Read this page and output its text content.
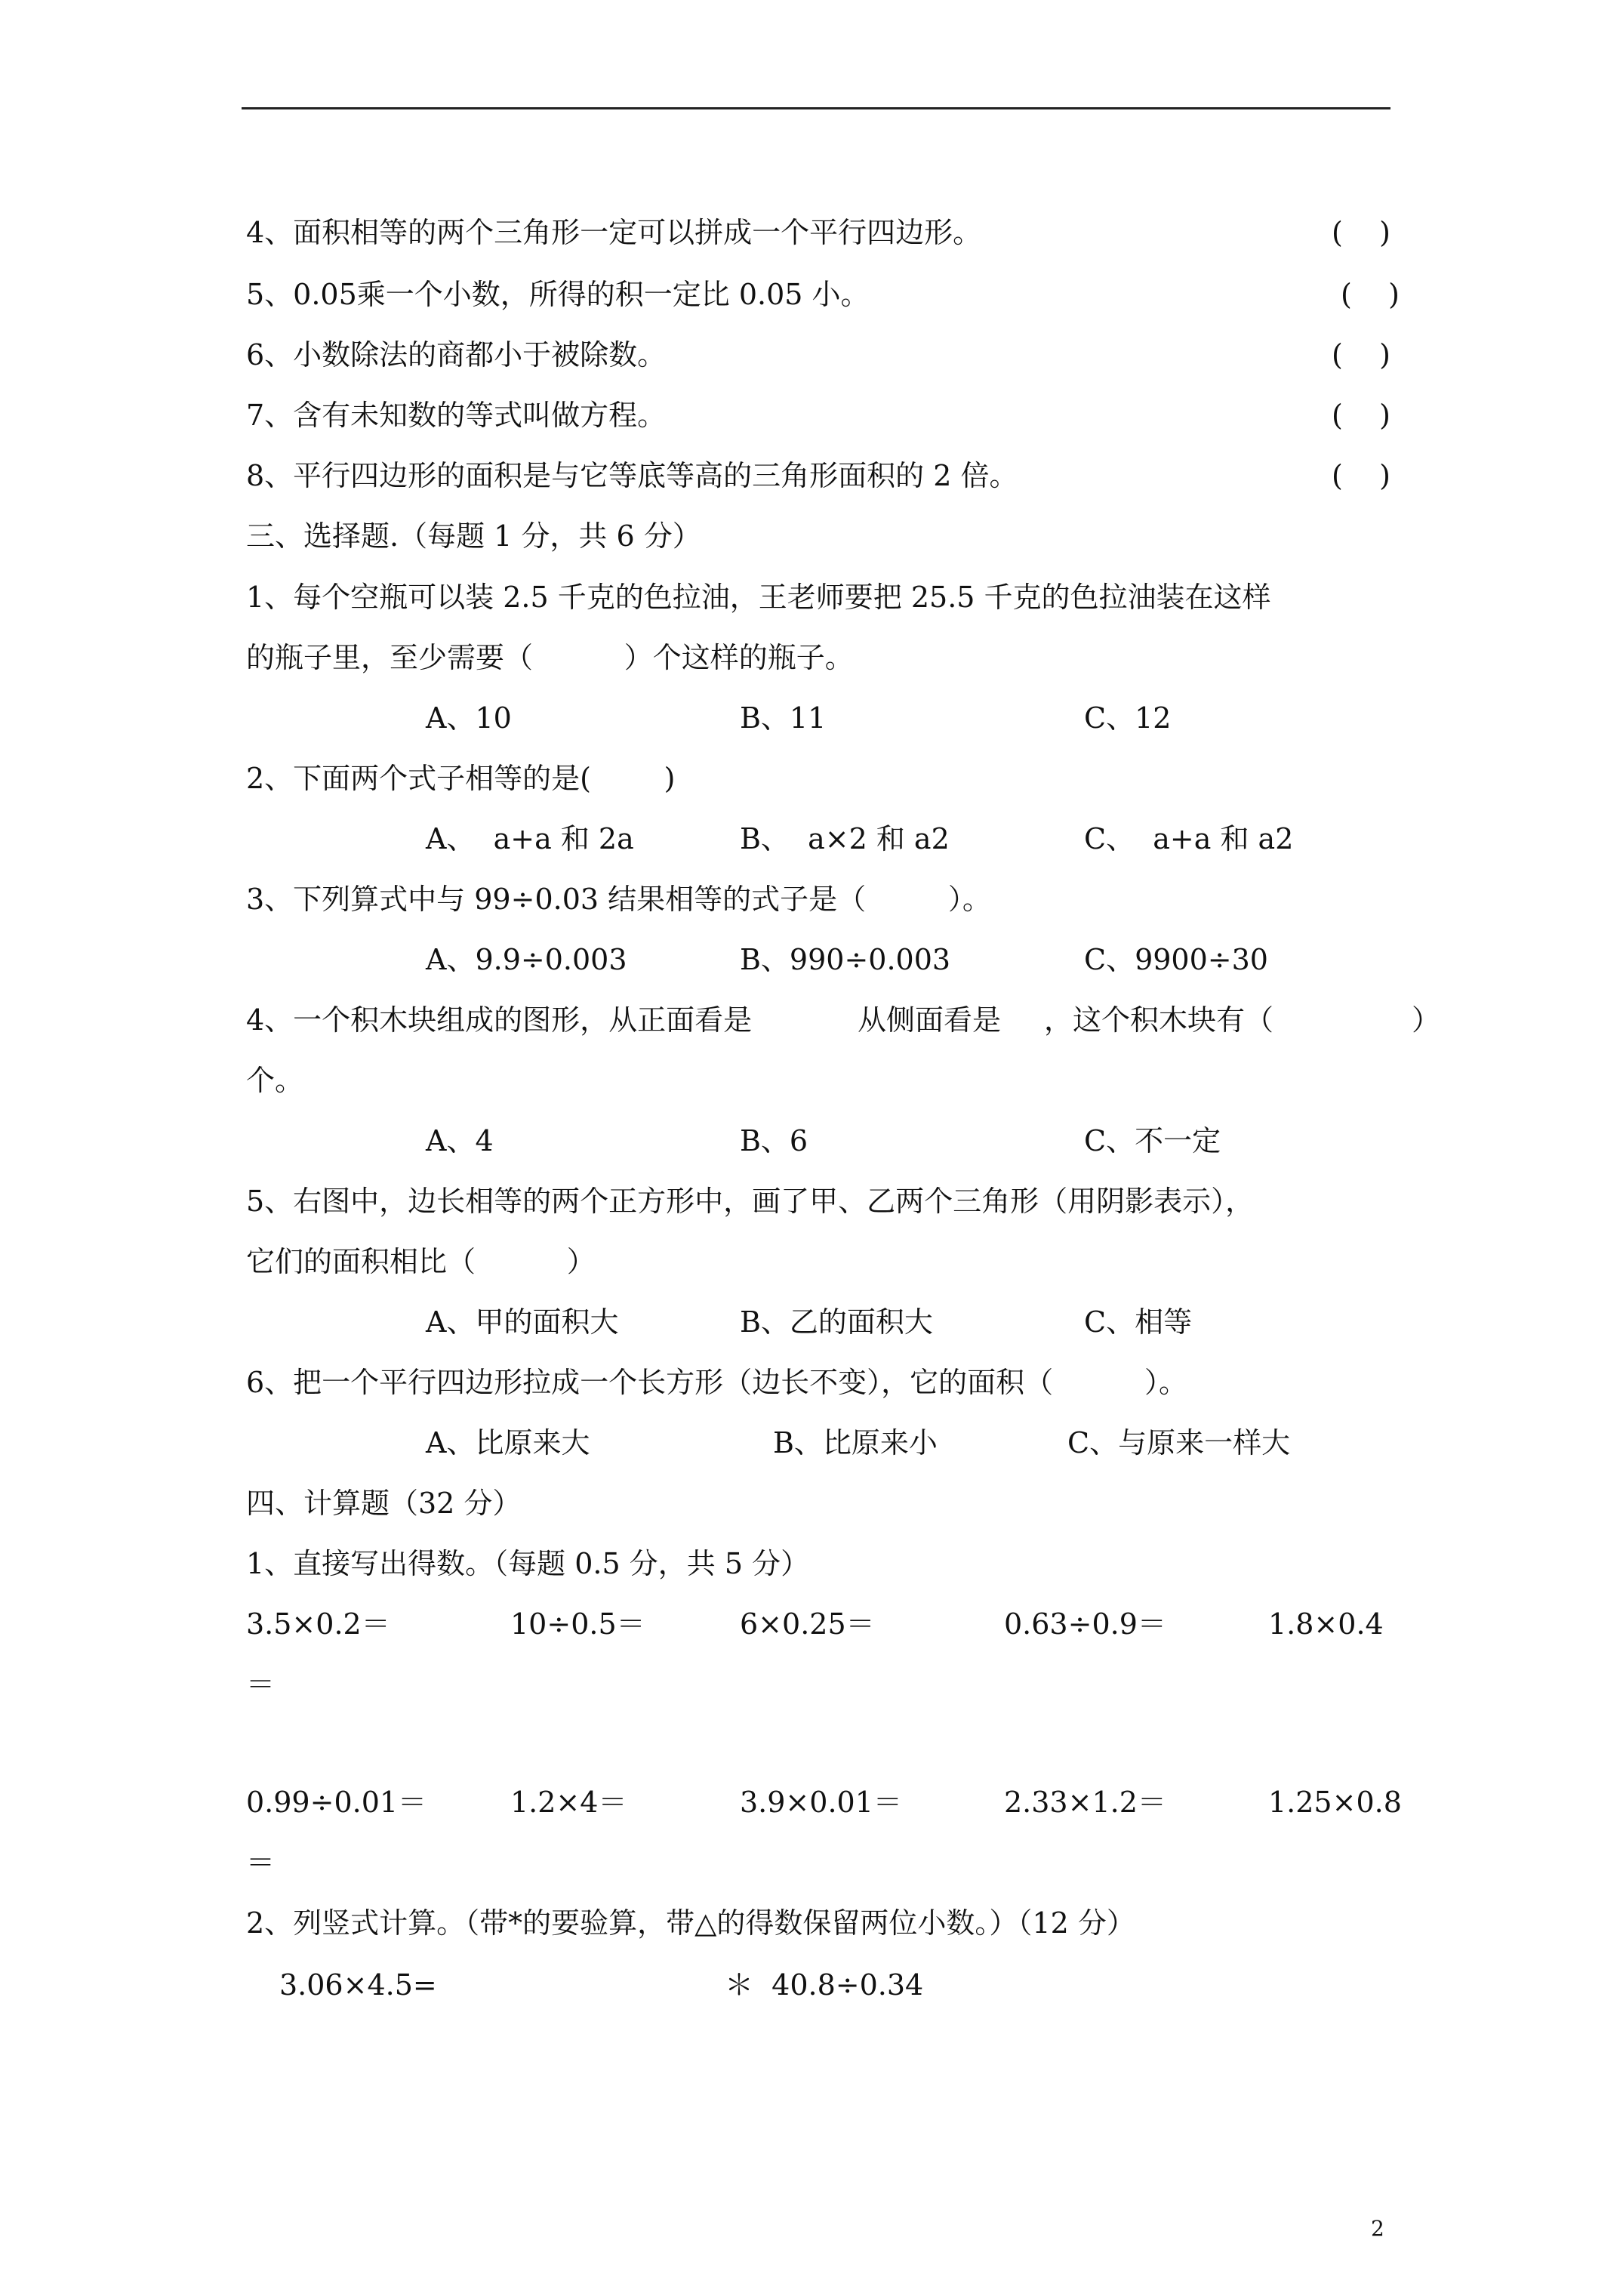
4、面积相等的两个三角形一定可以拼成一个平行四边形。	(    )
5、0.05乘一个小数，所得的积一定比 0.05 小。	(    )
6、小数除法的商都小于被除数。	(    )
7、含有未知数的等式叫做方程。	(    )
8、平行四边形的面积是与它等底等高的三角形面积的 2 倍。	(    )
三、选择题.（每题 1 分，共 6 分）
1、每个空瓶可以装 2.5 千克的色拉油，王老师要把 25.5 千克的色拉油装在这样
的瓶子里，至少需要（          ）个这样的瓶子。
A、10	B、11	C、12
2、下面两个式子相等的是(        )
A、  a+a 和 2a	B、  a×2 和 a2	C、  a+a 和 a2
3、下列算式中与 99÷0.03 结果相等的式子是（         ）。
A、9.9÷0.003	B、990÷0.003	C、9900÷30
4、一个积木块组成的图形，从正面看是	从侧面看是 ，这个积木块有（	）
个。
A、4	B、6	C、不一定
5、右图中，边长相等的两个正方形中，画了甲、乙两个三角形（用阴影表示），
它们的面积相比（          ）
A、甲的面积大	B、乙的面积大	C、相等
6、把一个平行四边形拉成一个长方形（边长不变），它的面积（          ）。
A、比原来大	B、比原来小	C、与原来一样大
四、计算题（32 分）
1、直接写出得数。（每题 0.5 分，共 5 分）
3.5×0.2＝	10÷0.5＝	6×0.25＝	0.63÷0.9＝	1.8×0.4
＝
0.99÷0.01＝	1.2×4＝	3.9×0.01＝	2.33×1.2＝	1.25×0.8
＝
2、列竖式计算。（带*的要验算，带△的得数保留两位小数。）（12 分）
3.06×4.5=	＊  40.8÷0.34
2
